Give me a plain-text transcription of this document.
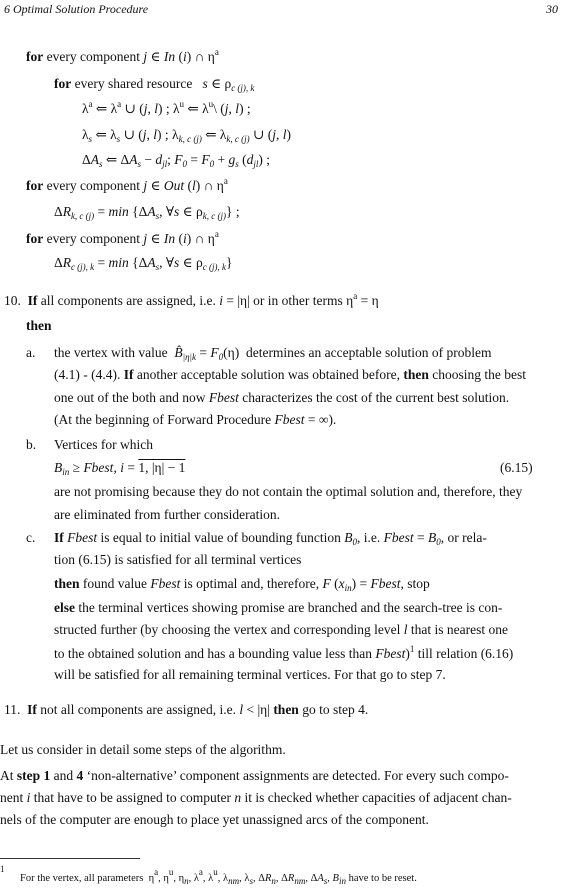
6 Optimal Solution Procedure	30
for every component j ∈ In (i) ∩ $\eta^a$
for every shared resource s ∈ $\rho_{c (j), k}$
$\lambda^a$ ⇐ $\lambda^a$ ∪ (j, l) ; $\lambda^u$ ⇐ $\lambda^u\backslash$ (j, l) ;
$\lambda_s$ ⇐ $\lambda_s$ ∪ (j, l) ; $\lambda_{k, c (j)}$ ⇐ $\lambda_{k, c (j)}$ ∪ (j, l)
$\Delta A_s$ ⇐ $\Delta A_s - d_{jl}$; $F_0 = F_0 + g_s$ $(d_{jl})$ ;
for every component j ∈ Out (l) ∩ $\eta^a$
$\Delta R_{k, c (j)} = \min \{\Delta A_s$, ∀s ∈ $\rho_{k, c (j)}$} ;
for every component j ∈ In (i) ∩ $\eta^a$
$\Delta R_{c (j), k} = \min \{\Delta A_s$, ∀s ∈ $\rho_{c (j), k}$}
10. If all components are assigned, i.e. i = |η| or in other terms $\eta^a = \eta$
then
a. the vertex with value $B̂_{|\eta|k} = F_0(\eta)$  determines an acceptable solution of problem
(4.1) - (4.4). If another acceptable solution was obtained before, then choosing the best
one out of the both and now Fbest characterizes the cost of the current best solution.
(At the beginning of Forward Procedure Fbest = ∞).
b. Vertices for which
$B_{in}$ ≥ Fbest, i = 1, |η| − 1	(6.15)
are not promising because they do not contain the optimal solution and, therefore, they
are eliminated from further consideration.
c. If Fbest is equal to initial value of bounding function $B_0$, i.e. Fbest = $B_0$, or rela-
tion (6.15) is satisfied for all terminal vertices
then found value Fbest is optimal and, therefore, F $(x_{in})$ = Fbest, stop
else the terminal vertices showing promise are branched and the search-tree is con-
structed further (by choosing the vertex and corresponding level l that is nearest one
to the obtained solution and has a bounding value less than Fbest)$^1$ till relation (6.16)
will be satisfied for all remaining terminal vertices. For that go to step 7.
11. If not all components are assigned, i.e. l < |η| then go to step 4.
Let us consider in detail some steps of the algorithm.
At step 1 and 4 ‘non-alternative’ component assignments are detected. For every such compo-
nent i that have to be assigned to computer n it is checked whether capacities of adjacent chan-
nels of the computer are enough to place yet unassigned arcs of the component.
1
For the vertex, all parameters  ηa, ηu, ηn, λa, λu, λnm, λs, ΔRn, ΔRnm, ΔAs, Bin have to be reset.
